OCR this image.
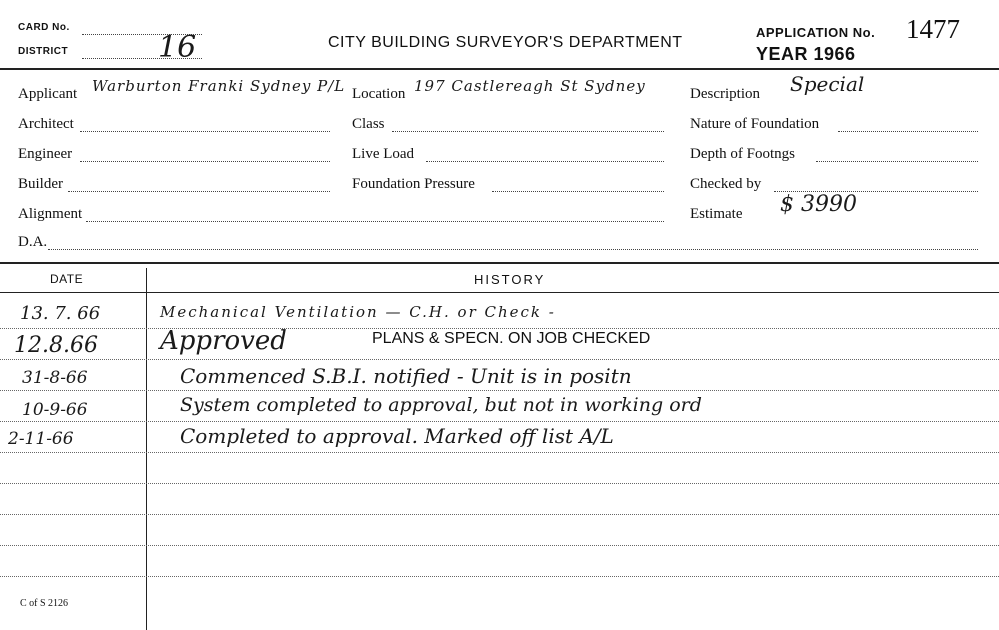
CARD No.
DISTRICT	16	CITY BUILDING SURVEYOR'S DEPARTMENT
APPLICATION No. 1477
YEAR 1966
Applicant Warburton Franki Sydney P/L Location 197 Castlereagh St Sydney	Description Special
Architect	Class	Nature of Foundation
Engineer	Live Load	Depth of Footngs
Builder	Foundation Pressure	Checked by
Alignment	Estimate $ 3990
D.A.
DATE	HISTORY
13. 7. 66	Mechanical Ventilation — C.H. or Check -
12.8.66 Approved	PLANS & SPECN. ON JOB CHECKED
31-8-66	Commenced S.B.I. notified - Unit is in positn
10-9-66	System completed to approval, but not in working ord
2-11-66	Completed to approval. Marked off list A/L
C of S 2126
